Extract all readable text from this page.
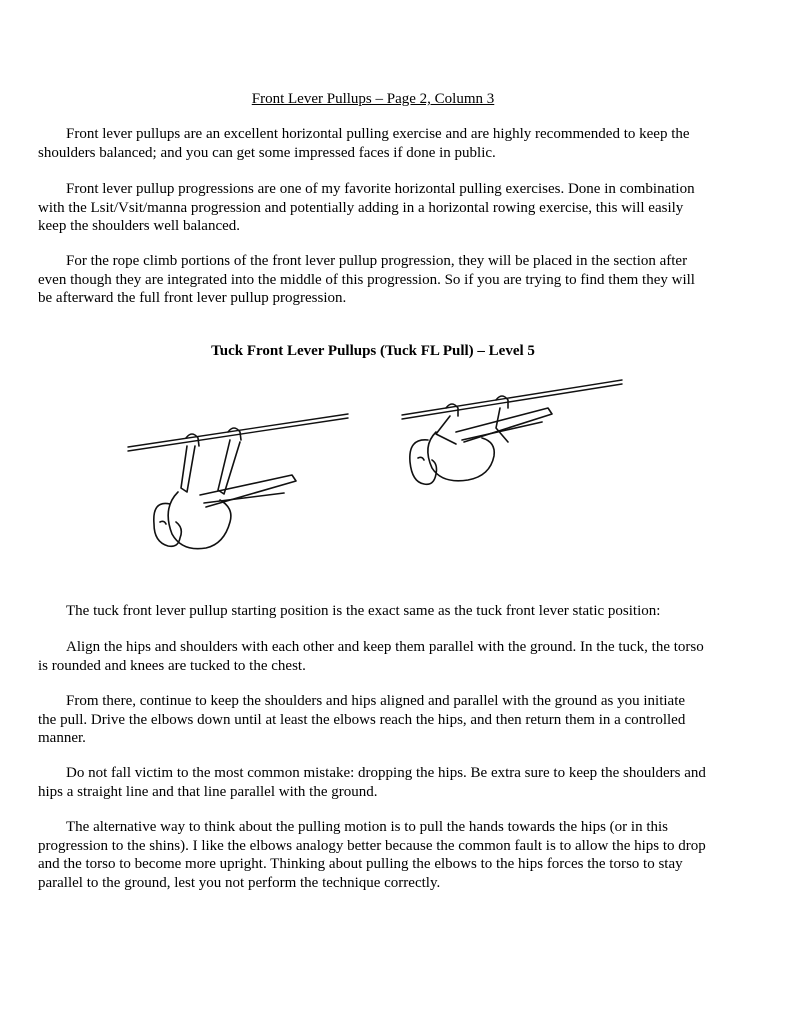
Front Lever Pullups – Page 2, Column 3

Front lever pullups are an excellent horizontal pulling exercise and are highly recommended to keep the shoulders balanced; and you can get some impressed faces if done in public.

Front lever pullup progressions are one of my favorite horizontal pulling exercises. Done in combination with the Lsit/Vsit/manna progression and potentially adding in a horizontal rowing exercise, this will easily keep the shoulders well balanced.

For the rope climb portions of the front lever pullup progression, they will be placed in the section after even though they are integrated into the middle of this progression. So if you are trying to find them they will be afterward the full front lever pullup progression.

Tuck Front Lever Pullups (Tuck FL Pull) – Level 5

The tuck front lever pullup starting position is the exact same as the tuck front lever static position:

Align the hips and shoulders with each other and keep them parallel with the ground. In the tuck, the torso is rounded and knees are tucked to the chest.

From there, continue to keep the shoulders and hips aligned and parallel with the ground as you initiate the pull. Drive the elbows down until at least the elbows reach the hips, and then return them in a controlled manner.

Do not fall victim to the most common mistake: dropping the hips. Be extra sure to keep the shoulders and hips a straight line and that line parallel with the ground.

The alternative way to think about the pulling motion is to pull the hands towards the hips (or in this progression to the shins). I like the elbows analogy better because the common fault is to allow the hips to drop and the torso to become more upright. Thinking about pulling the elbows to the hips forces the torso to stay parallel to the ground, lest you not perform the technique correctly.
